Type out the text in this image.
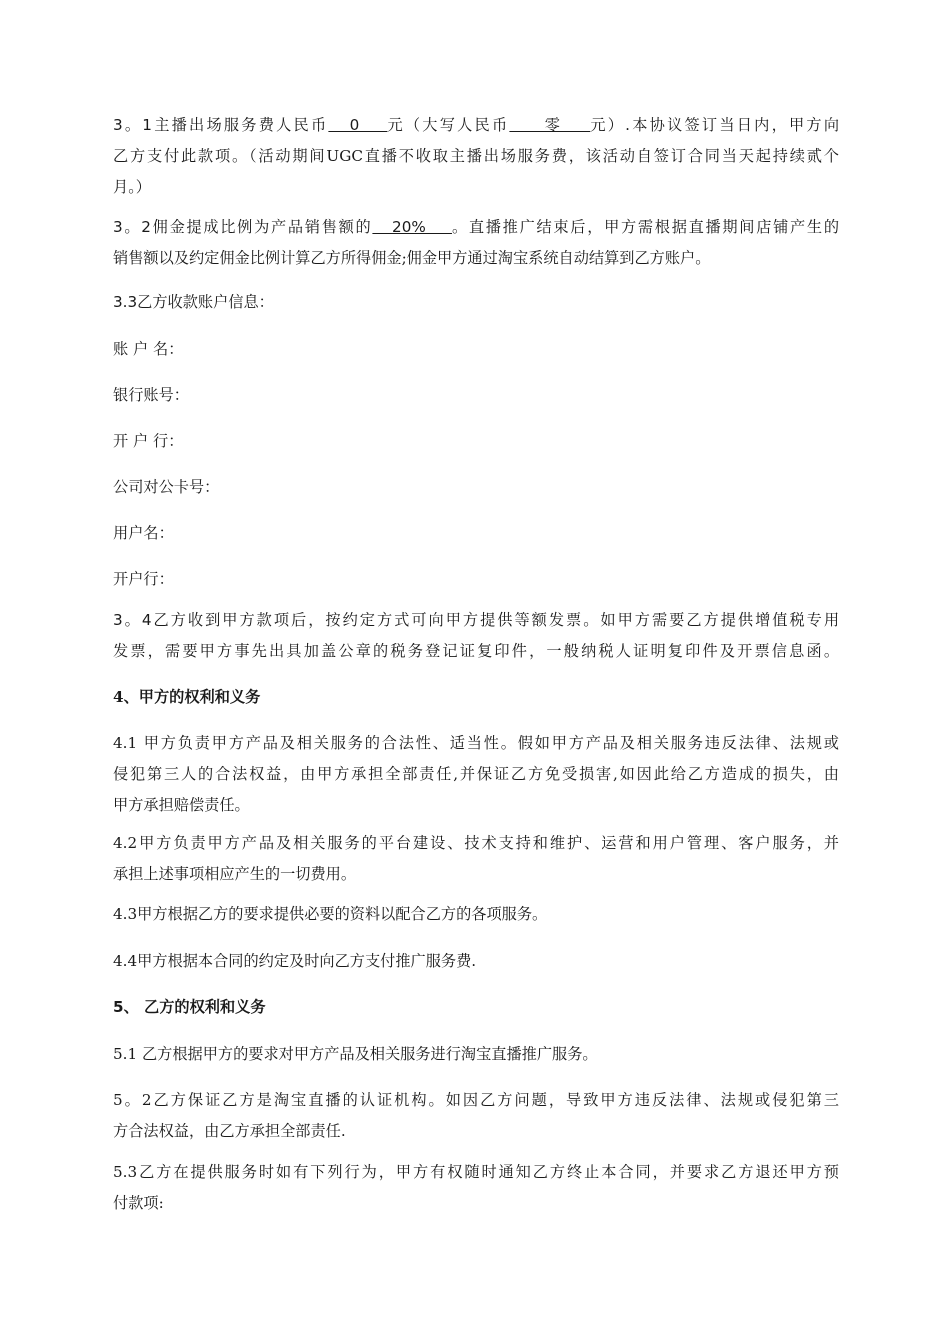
3。1主播出场服务费人民币   0    元（大写人民币     零    元）.本协议签订当日内，甲方向
乙方支付此款项。（活动期间UGC直播不收取主播出场服务费，该活动自签订合同当天起持续贰个
月。）
3。2佣金提成比例为产品销售额的   20%    。直播推广结束后，甲方需根据直播期间店铺产生的
销售额以及约定佣金比例计算乙方所得佣金;佣金甲方通过淘宝系统自动结算到乙方账户。
3.3乙方收款账户信息：
账 户 名：
银行账号：
开 户 行：
公司对公卡号：
用户名：
开户行：
3。4乙方收到甲方款项后，按约定方式可向甲方提供等额发票。如甲方需要乙方提供增值税专用
发票，需要甲方事先出具加盖公章的税务登记证复印件，一般纳税人证明复印件及开票信息函。
4、甲方的权利和义务
4.1 甲方负责甲方产品及相关服务的合法性、适当性。假如甲方产品及相关服务违反法律、法规或
侵犯第三人的合法权益，由甲方承担全部责任,并保证乙方免受损害,如因此给乙方造成的损失，由
甲方承担赔偿责任。
4.2甲方负责甲方产品及相关服务的平台建设、技术支持和维护、运营和用户管理、客户服务，并
承担上述事项相应产生的一切费用。
4.3甲方根据乙方的要求提供必要的资料以配合乙方的各项服务。
4.4甲方根据本合同的约定及时向乙方支付推广服务费.
5、 乙方的权利和义务
5.1 乙方根据甲方的要求对甲方产品及相关服务进行淘宝直播推广服务。
5。2乙方保证乙方是淘宝直播的认证机构。如因乙方问题，导致甲方违反法律、法规或侵犯第三
方合法权益，由乙方承担全部责任.
5.3乙方在提供服务时如有下列行为，甲方有权随时通知乙方终止本合同，并要求乙方退还甲方预
付款项:
